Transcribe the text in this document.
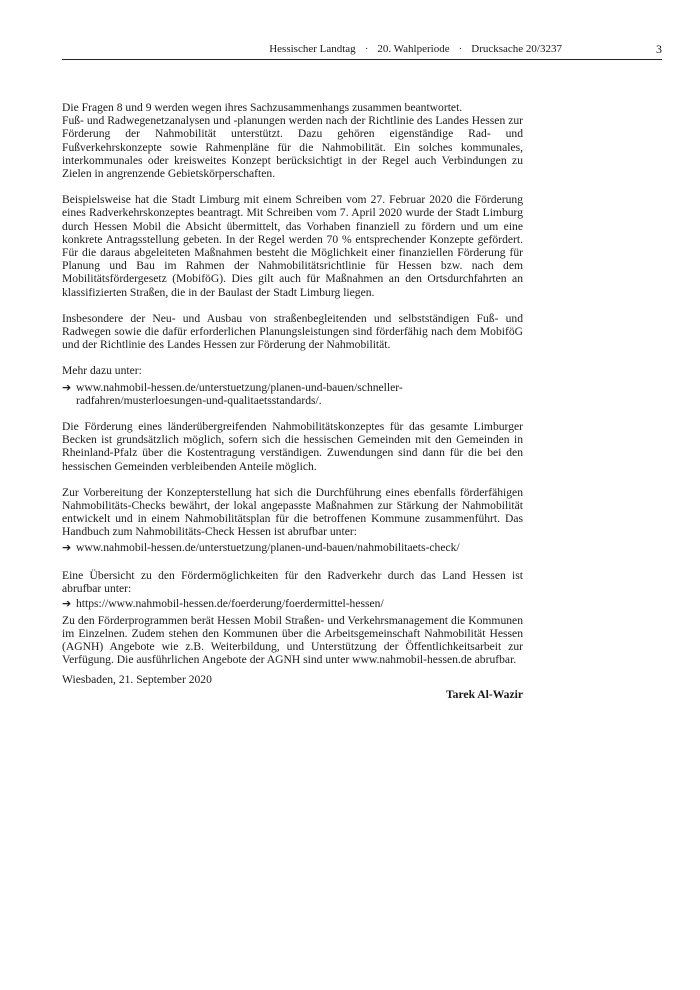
Hessischer Landtag · 20. Wahlperiode · Drucksache 20/3237	3

Die Fragen 8 und 9 werden wegen ihres Sachzusammenhangs zusammen beantwortet.

Fuß- und Radwegenetzanalysen und -planungen werden nach der Richtlinie des Landes Hessen zur Förderung der Nahmobilität unterstützt. Dazu gehören eigenständige Rad- und Fußverkehrskonzepte sowie Rahmenpläne für die Nahmobilität. Ein solches kommunales, interkommunales oder kreisweites Konzept berücksichtigt in der Regel auch Verbindungen zu Zielen in angrenzende Gebietskörperschaften.

Beispielsweise hat die Stadt Limburg mit einem Schreiben vom 27. Februar 2020 die Förderung eines Radverkehrskonzeptes beantragt. Mit Schreiben vom 7. April 2020 wurde der Stadt Limburg durch Hessen Mobil die Absicht übermittelt, das Vorhaben finanziell zu fördern und um eine konkrete Antragsstellung gebeten. In der Regel werden 70 % entsprechender Konzepte gefördert. Für die daraus abgeleiteten Maßnahmen besteht die Möglichkeit einer finanziellen Förderung für Planung und Bau im Rahmen der Nahmobilitätsrichtlinie für Hessen bzw. nach dem Mobilitätsfördergesetz (MobiföG). Dies gilt auch für Maßnahmen an den Ortsdurchfahrten an klassifizierten Straßen, die in der Baulast der Stadt Limburg liegen.

Insbesondere der Neu- und Ausbau von straßenbegleitenden und selbstständigen Fuß- und Radwegen sowie die dafür erforderlichen Planungsleistungen sind förderfähig nach dem MobiföG und der Richtlinie des Landes Hessen zur Förderung der Nahmobilität.

Mehr dazu unter:

➔ www.nahmobil-hessen.de/unterstuetzung/planen-und-bauen/schneller-radfahren/musterloesungen-und-qualitaetsstandards/.

Die Förderung eines länderübergreifenden Nahmobilitätskonzeptes für das gesamte Limburger Becken ist grundsätzlich möglich, sofern sich die hessischen Gemeinden mit den Gemeinden in Rheinland-Pfalz über die Kostentragung verständigen. Zuwendungen sind dann für die bei den hessischen Gemeinden verbleibenden Anteile möglich.

Zur Vorbereitung der Konzepterstellung hat sich die Durchführung eines ebenfalls förderfähigen Nahmobilitäts-Checks bewährt, der lokal angepasste Maßnahmen zur Stärkung der Nahmobilität entwickelt und in einem Nahmobilitätsplan für die betroffenen Kommune zusammenführt. Das Handbuch zum Nahmobilitäts-Check Hessen ist abrufbar unter:

➔ www.nahmobil-hessen.de/unterstuetzung/planen-und-bauen/nahmobilitaets-check/

Eine Übersicht zu den Fördermöglichkeiten für den Radverkehr durch das Land Hessen ist abrufbar unter:

➔ https://www.nahmobil-hessen.de/foerderung/foerdermittel-hessen/

Zu den Förderprogrammen berät Hessen Mobil Straßen- und Verkehrsmanagement die Kommunen im Einzelnen. Zudem stehen den Kommunen über die Arbeitsgemeinschaft Nahmobilität Hessen (AGNH) Angebote wie z.B. Weiterbildung, und Unterstützung der Öffentlichkeitsarbeit zur Verfügung. Die ausführlichen Angebote der AGNH sind unter www.nahmobil-hessen.de abrufbar.

Wiesbaden, 21. September 2020
Tarek Al-Wazir
